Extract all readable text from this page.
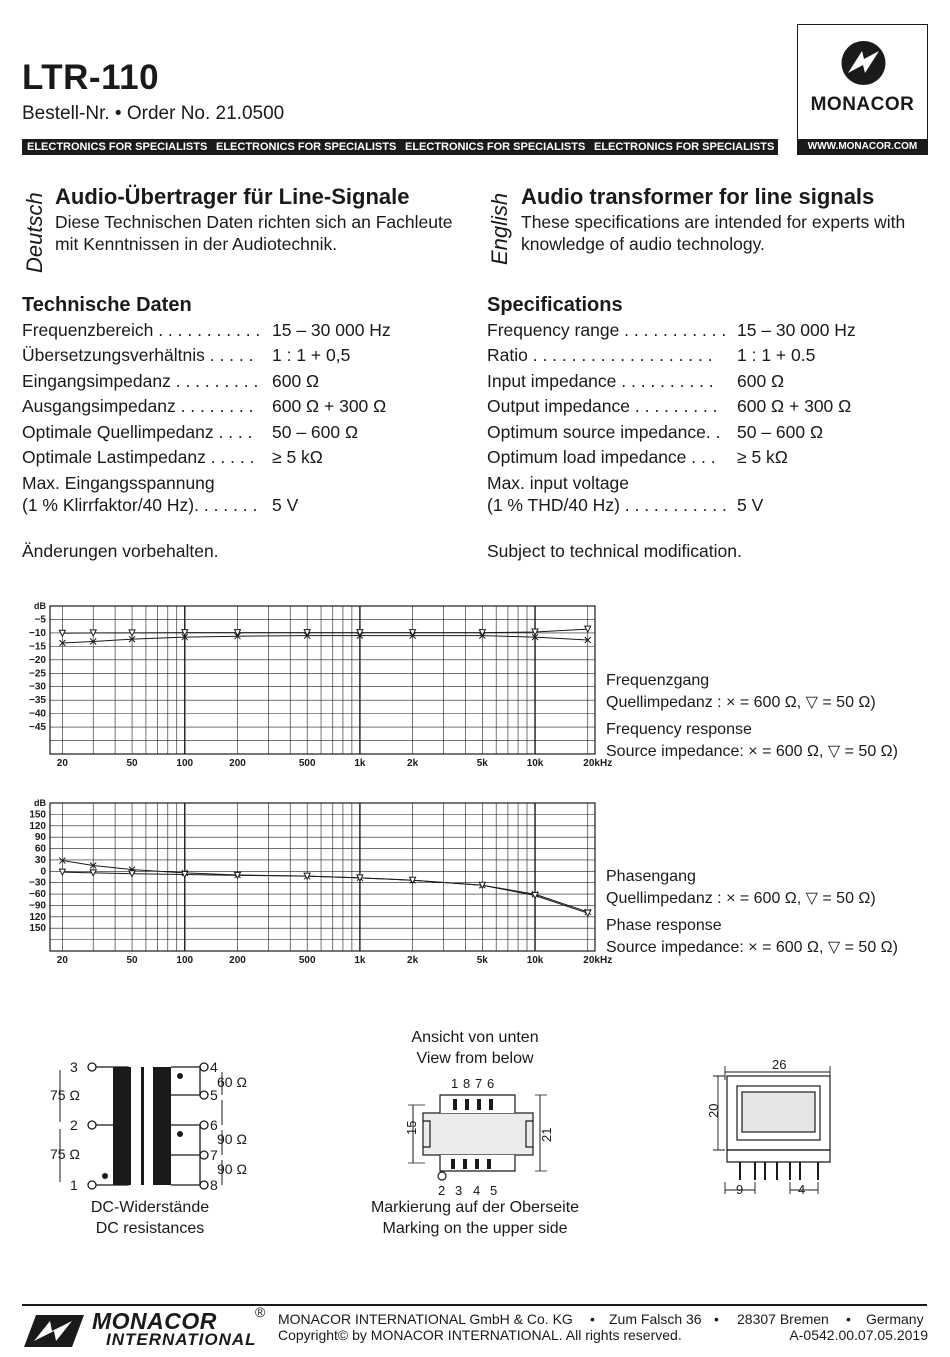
LTR-110
Bestell-Nr. • Order No. 21.0500
ELECTRONICS FOR SPECIALISTS ELECTRONICS FOR SPECIALISTS ELECTRONICS FOR SPECIALISTS ELECTRONICS FOR SPECIALISTS	WWW.MONACOR.COM
MONACOR
Deutsch Audio-Übertrager für Line-Signale
Diese Technischen Daten richten sich an Fachleute
mit Kenntnissen in der Audiotechnik.
Technische Daten
Frequenzbereich . . . . . . . . . . . 15 – 30 000 Hz
Übersetzungsverhältnis . . . . . 1 : 1 + 0,5
Eingangsimpedanz . . . . . . . . . 600 Ω
Ausgangsimpedanz . . . . . . . . 600 Ω + 300 Ω
Optimale Quellimpedanz . . . . 50 – 600 Ω
Optimale Lastimpedanz . . . . . ≥ 5 kΩ
Max. Eingangsspannung
(1 % Klirrfaktor/40 Hz). . . . . . . 5 V
Änderungen vorbehalten.
English Audio transformer for line signals
These specifications are intended for experts with
knowledge of audio technology.
Specifications
Frequency range . . . . . . . . . . . 15 – 30 000 Hz
Ratio . . . . . . . . . . . . . . . . . . . 1 : 1 + 0.5
Input impedance . . . . . . . . . . 600 Ω
Output impedance . . . . . . . . . 600 Ω + 300 Ω
Optimum source impedance. . 50 – 600 Ω
Optimum load impedance . . . ≥ 5 kΩ
Max. input voltage
(1 % THD/40 Hz) . . . . . . . . . . . 5 V
Subject to technical modification.
dB
−5
−10
−15
−20
−25
−30
−35
−40
−45
20	50	100	200	500	1k	2k	5k	10k	20kHz
Frequenzgang
Quellimpedanz : × = 600 Ω, ▽ = 50 Ω)
Frequency response
Source impedance: × = 600 Ω, ▽ = 50 Ω)
dB
150
120
90
60
30
0
−30
−60
−90
120
150
20	50	100	200	500	1k	2k	5k	10k	20kHz
Phasengang
Quellimpedanz : × = 600 Ω, ▽ = 50 Ω)
Phase response
Source impedance: × = 600 Ω, ▽ = 50 Ω)
3
2
1
4
5
6
7
8
75 Ω
75 Ω
60 Ω
90 Ω
90 Ω
DC-Widerstände
DC resistances
Ansicht von unten
View from below
1 8 7 6
2 3 4 5
15	21
Markierung auf der Oberseite
Marking on the upper side
26
20
9	4
MONACOR	®
INTERNATIONAL
MONACOR INTERNATIONAL GmbH & Co. KG • Zum Falsch 36 • 28307 Bremen • Germany
Copyright© by MONACOR INTERNATIONAL. All rights reserved.	A-0542.00.07.05.2019
